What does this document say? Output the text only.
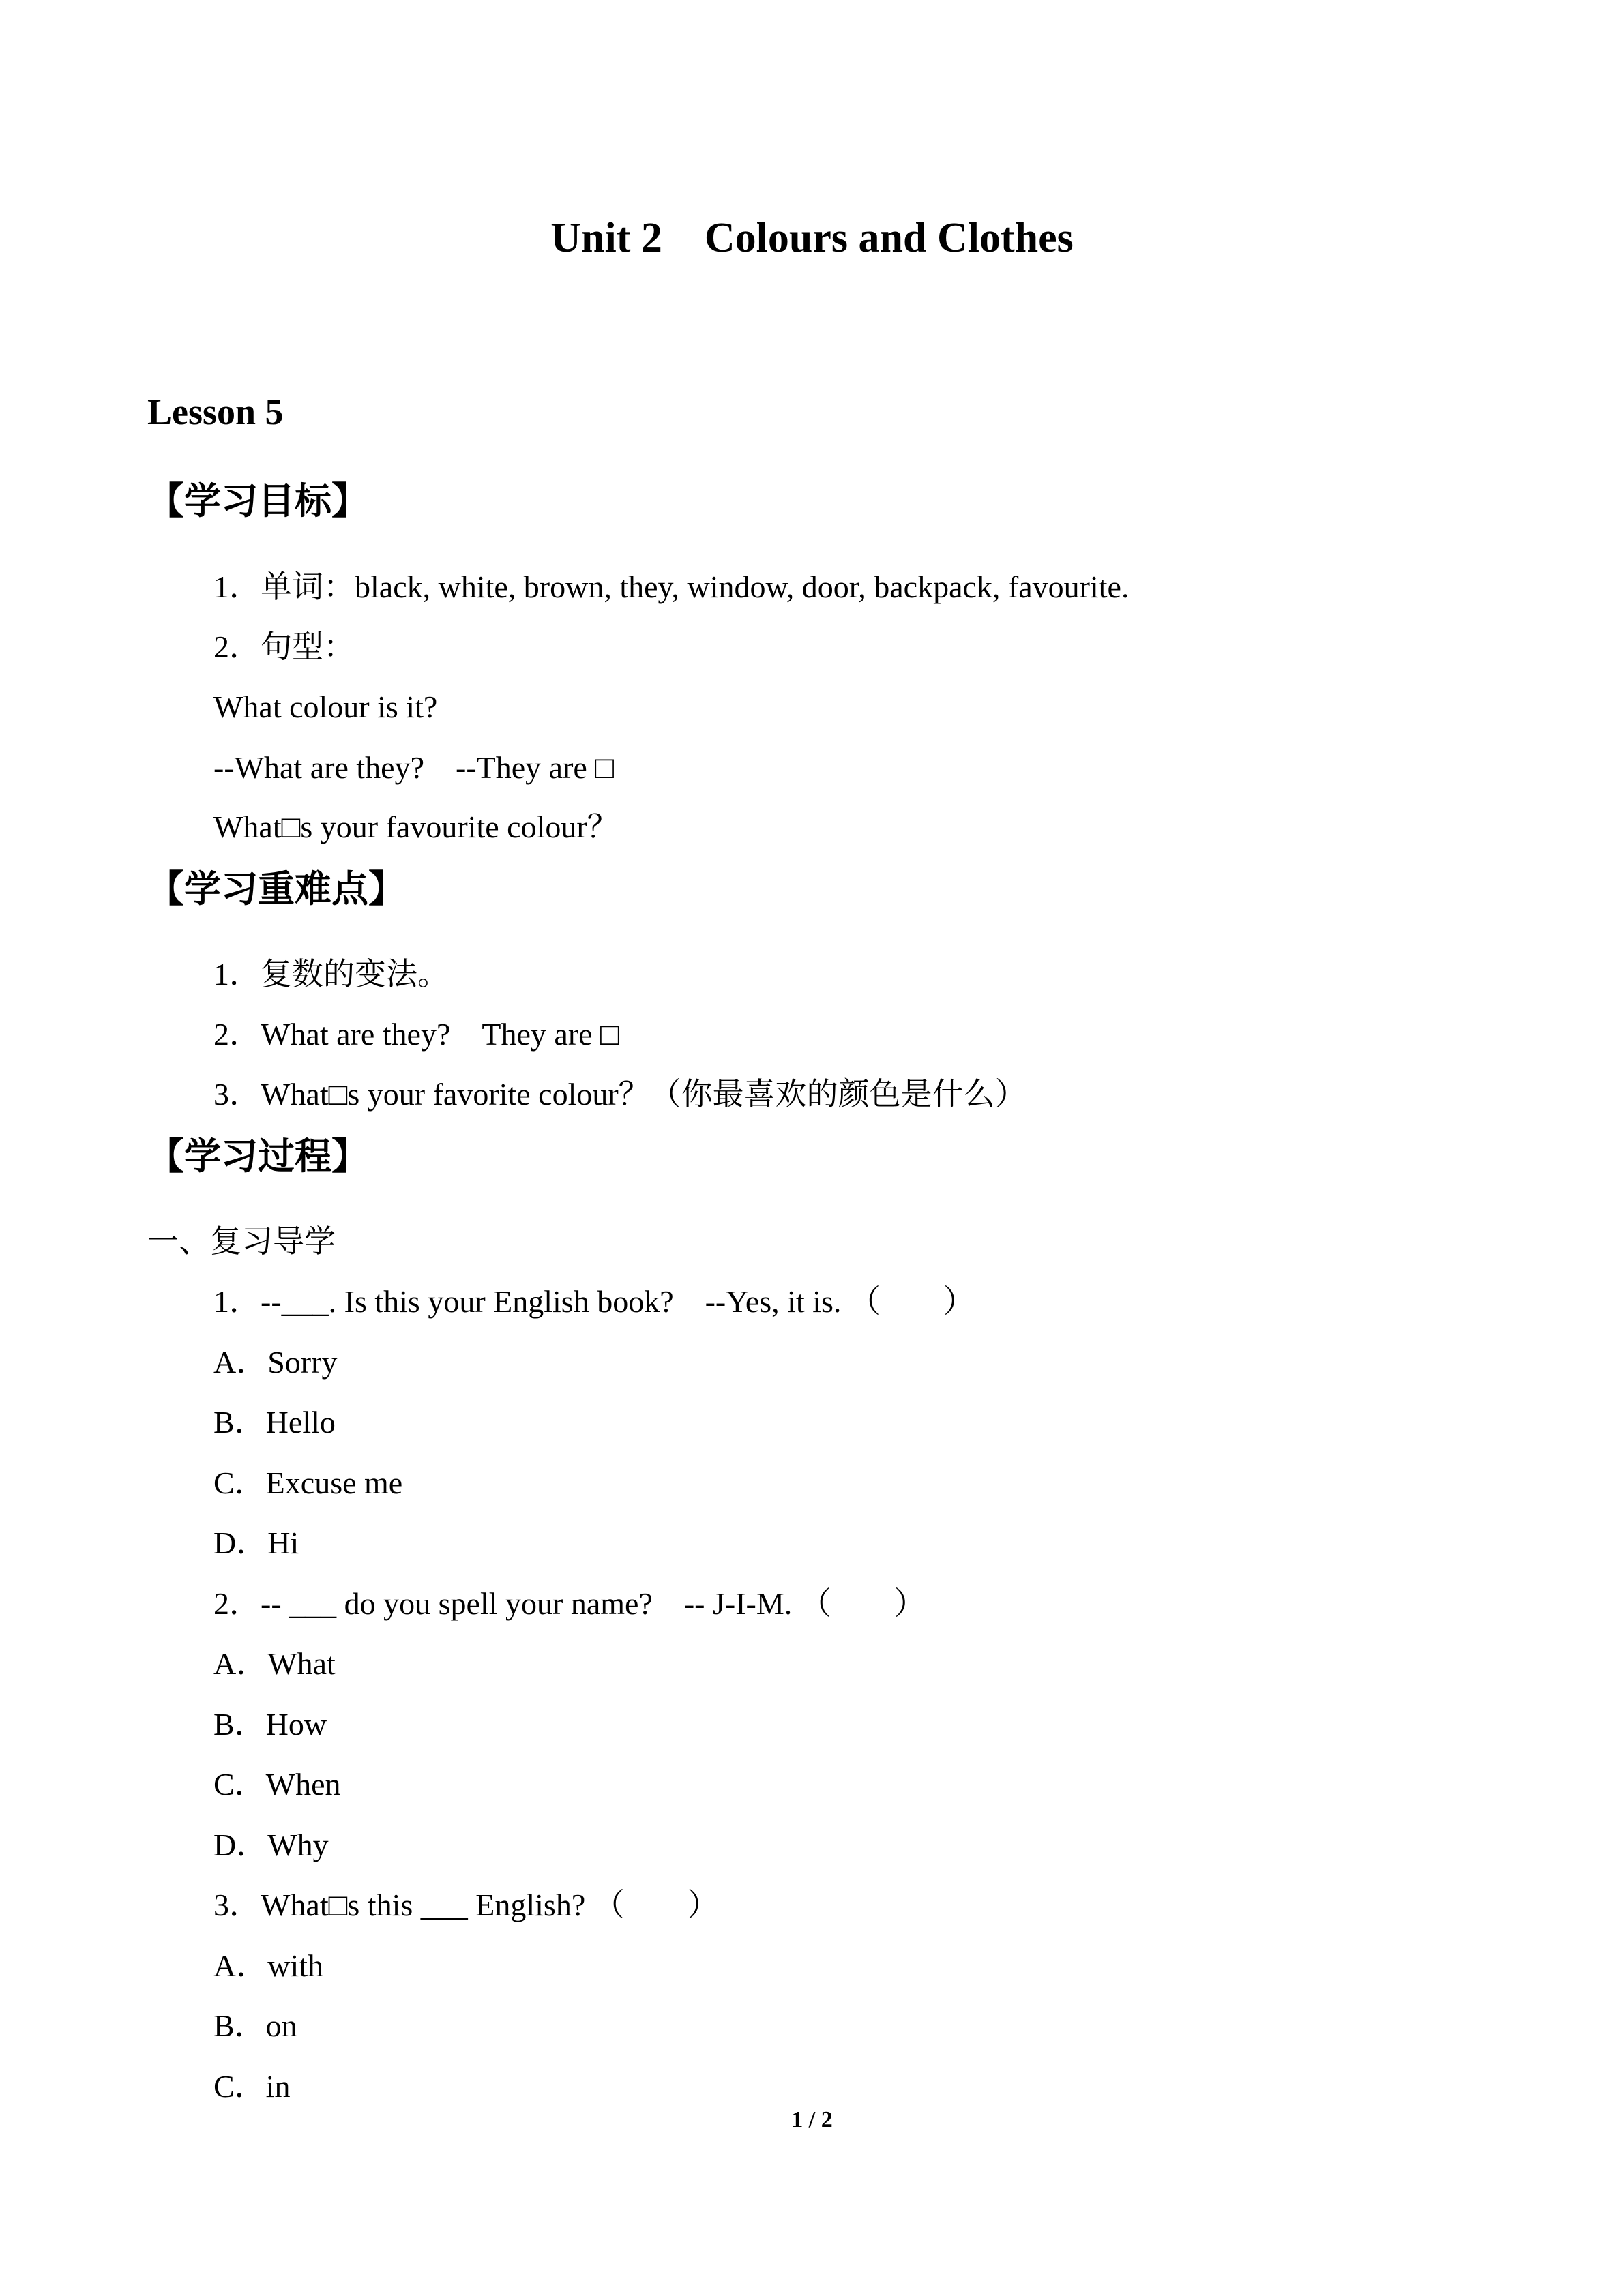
Unit 2　Colours and Clothes
Lesson 5
【学习目标】
1．单词：black, white, brown, they, window, door, backpack, favourite.
2．句型：
What colour is it?
--What are they?　--They are □
What□s your favourite colour？
【学习重难点】
1．复数的变法。
2．What are they?　They are □
3．What□s your favorite colour？（你最喜欢的颜色是什么）
【学习过程】
一、复习导学
1．--___. Is this your English book?　--Yes, it is. （　　）
A．Sorry
B．Hello
C．Excuse me
D．Hi
2．-- ___ do you spell your name?　-- J-I-M. （　　）
A．What
B．How
C．When
D．Why
3．What□s this ___ English? （　　）
A．with
B．on
C．in
1 / 2
